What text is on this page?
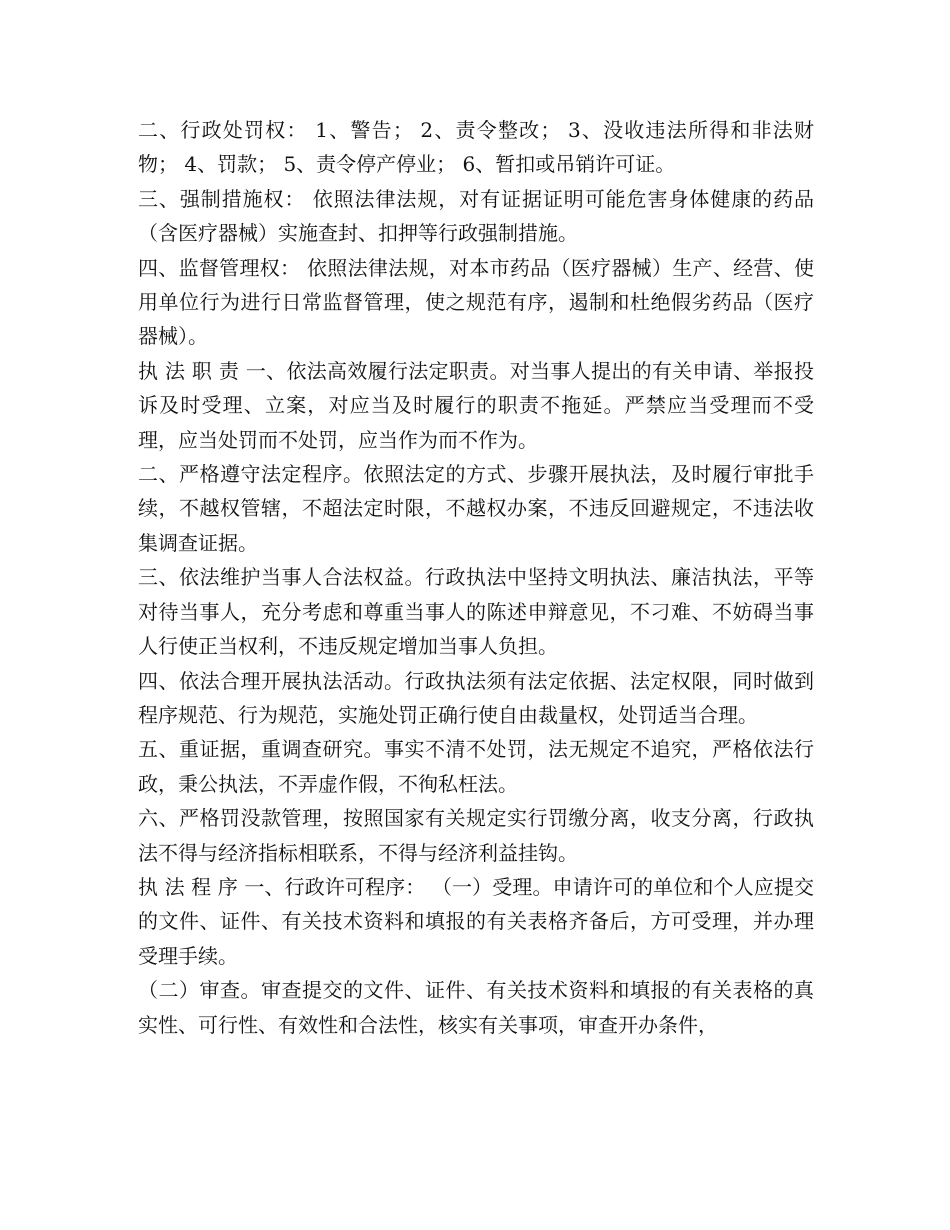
二、行政处罚权： 1、警告； 2、责令整改； 3、没收违法所得和非法财物； 4、罚款； 5、责令停产停业； 6、暂扣或吊销许可证。

三、强制措施权： 依照法律法规，对有证据证明可能危害身体健康的药品（含医疗器械）实施查封、扣押等行政强制措施。

四、监督管理权： 依照法律法规，对本市药品（医疗器械）生产、经营、使用单位行为进行日常监督管理，使之规范有序，遏制和杜绝假劣药品（医疗器械）。

执 法 职 责 一、依法高效履行法定职责。对当事人提出的有关申请、举报投诉及时受理、立案，对应当及时履行的职责不拖延。严禁应当受理而不受理，应当处罚而不处罚，应当作为而不作为。

二、严格遵守法定程序。依照法定的方式、步骤开展执法，及时履行审批手续，不越权管辖，不超法定时限，不越权办案，不违反回避规定，不违法收集调查证据。

三、依法维护当事人合法权益。行政执法中坚持文明执法、廉洁执法，平等对待当事人，充分考虑和尊重当事人的陈述申辩意见，不刁难、不妨碍当事人行使正当权利，不违反规定增加当事人负担。

四、依法合理开展执法活动。行政执法须有法定依据、法定权限，同时做到程序规范、行为规范，实施处罚正确行使自由裁量权，处罚适当合理。

五、重证据，重调查研究。事实不清不处罚，法无规定不追究，严格依法行政，秉公执法，不弄虚作假，不徇私枉法。

六、严格罚没款管理，按照国家有关规定实行罚缴分离，收支分离，行政执法不得与经济指标相联系，不得与经济利益挂钩。

执 法 程 序 一、行政许可程序： （一）受理。申请许可的单位和个人应提交的文件、证件、有关技术资料和填报的有关表格齐备后，方可受理，并办理受理手续。

（二）审查。审查提交的文件、证件、有关技术资料和填报的有关表格的真实性、可行性、有效性和合法性，核实有关事项，审查开办条件，
